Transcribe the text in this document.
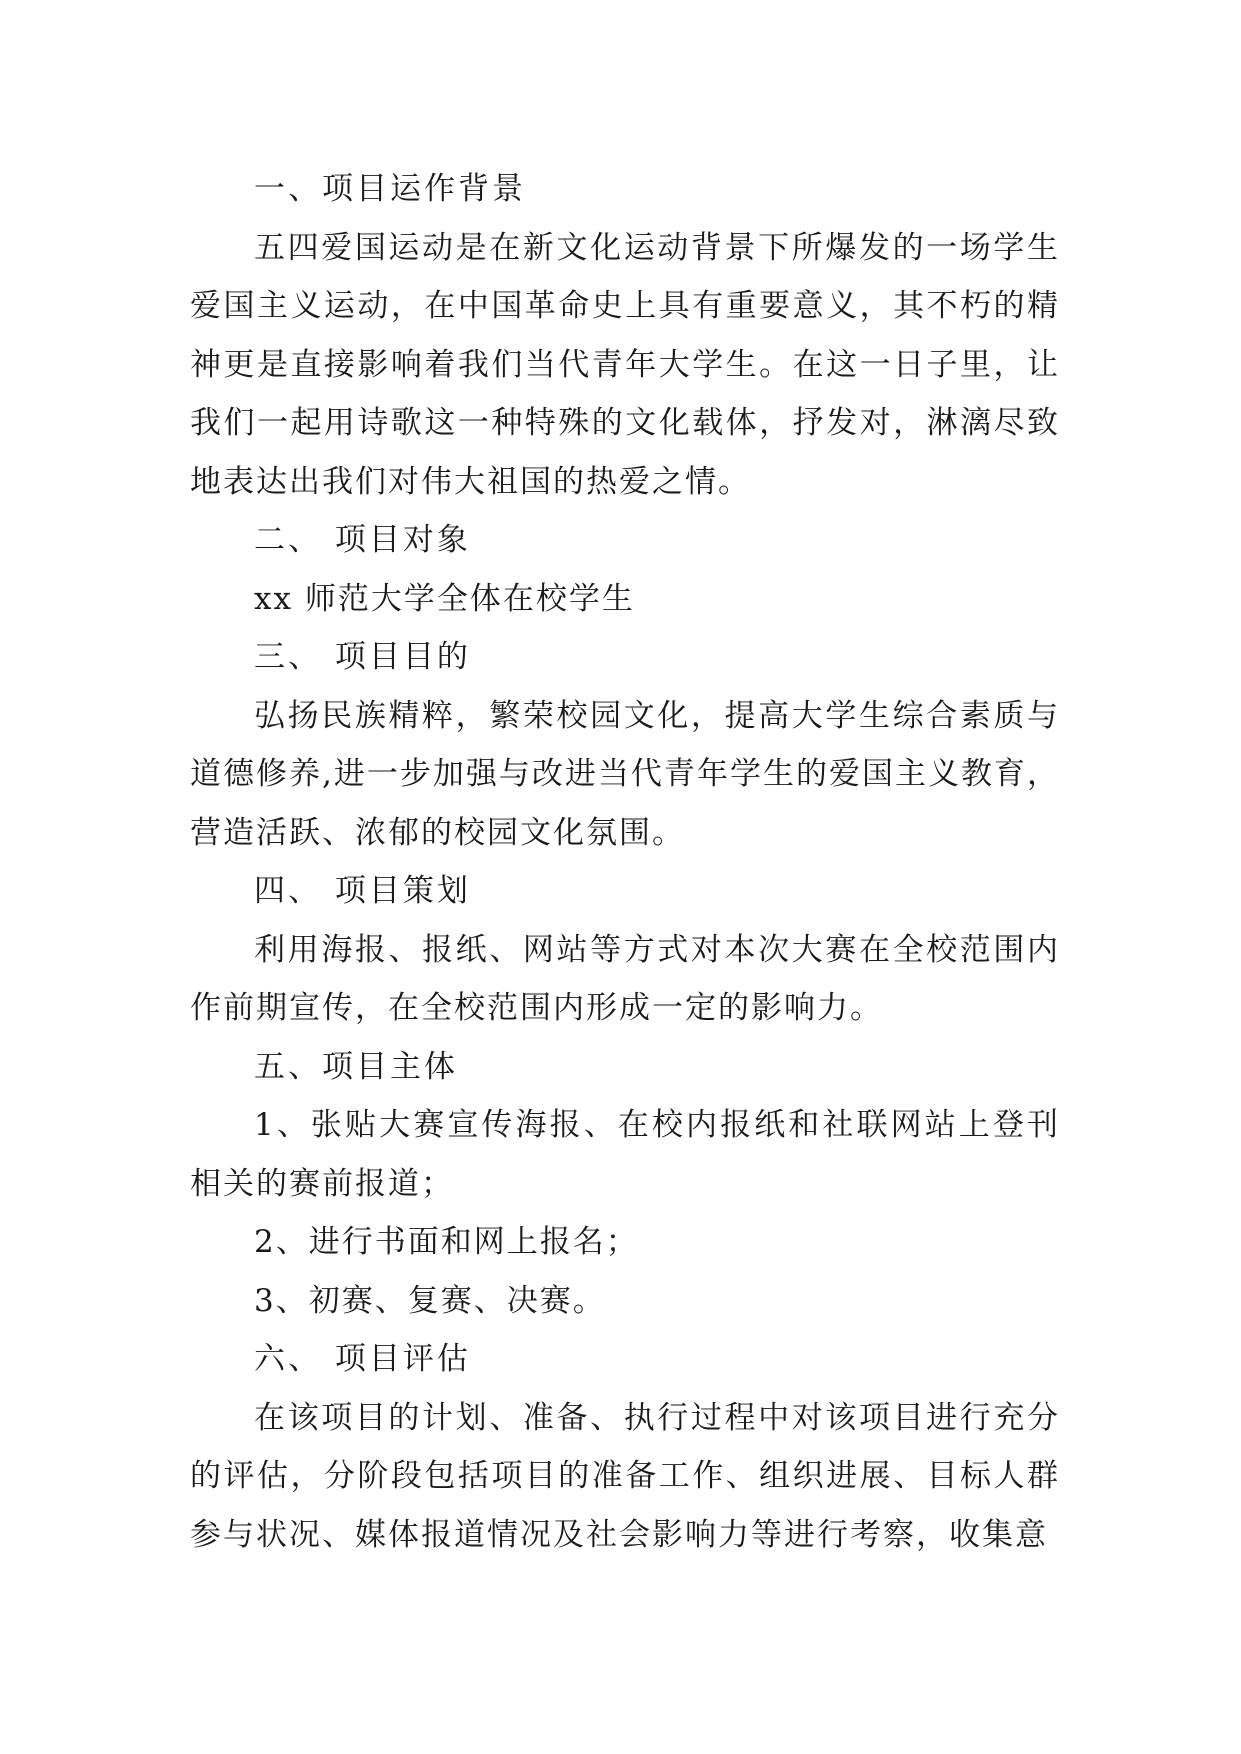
一、项目运作背景

五四爱国运动是在新文化运动背景下所爆发的一场学生爱国主义运动，在中国革命史上具有重要意义，其不朽的精神更是直接影响着我们当代青年大学生。在这一日子里，让我们一起用诗歌这一种特殊的文化载体，抒发对，淋漓尽致地表达出我们对伟大祖国的热爱之情。

二、 项目对象

xx 师范大学全体在校学生

三、 项目目的

弘扬民族精粹，繁荣校园文化，提高大学生综合素质与道德修养,进一步加强与改进当代青年学生的爱国主义教育，营造活跃、浓郁的校园文化氛围。

四、 项目策划

利用海报、报纸、网站等方式对本次大赛在全校范围内作前期宣传，在全校范围内形成一定的影响力。

五、项目主体

1、张贴大赛宣传海报、在校内报纸和社联网站上登刊相关的赛前报道；

2、进行书面和网上报名；

3、初赛、复赛、决赛。

六、 项目评估

在该项目的计划、准备、执行过程中对该项目进行充分的评估，分阶段包括项目的准备工作、组织进展、目标人群参与状况、媒体报道情况及社会影响力等进行考察，收集意
